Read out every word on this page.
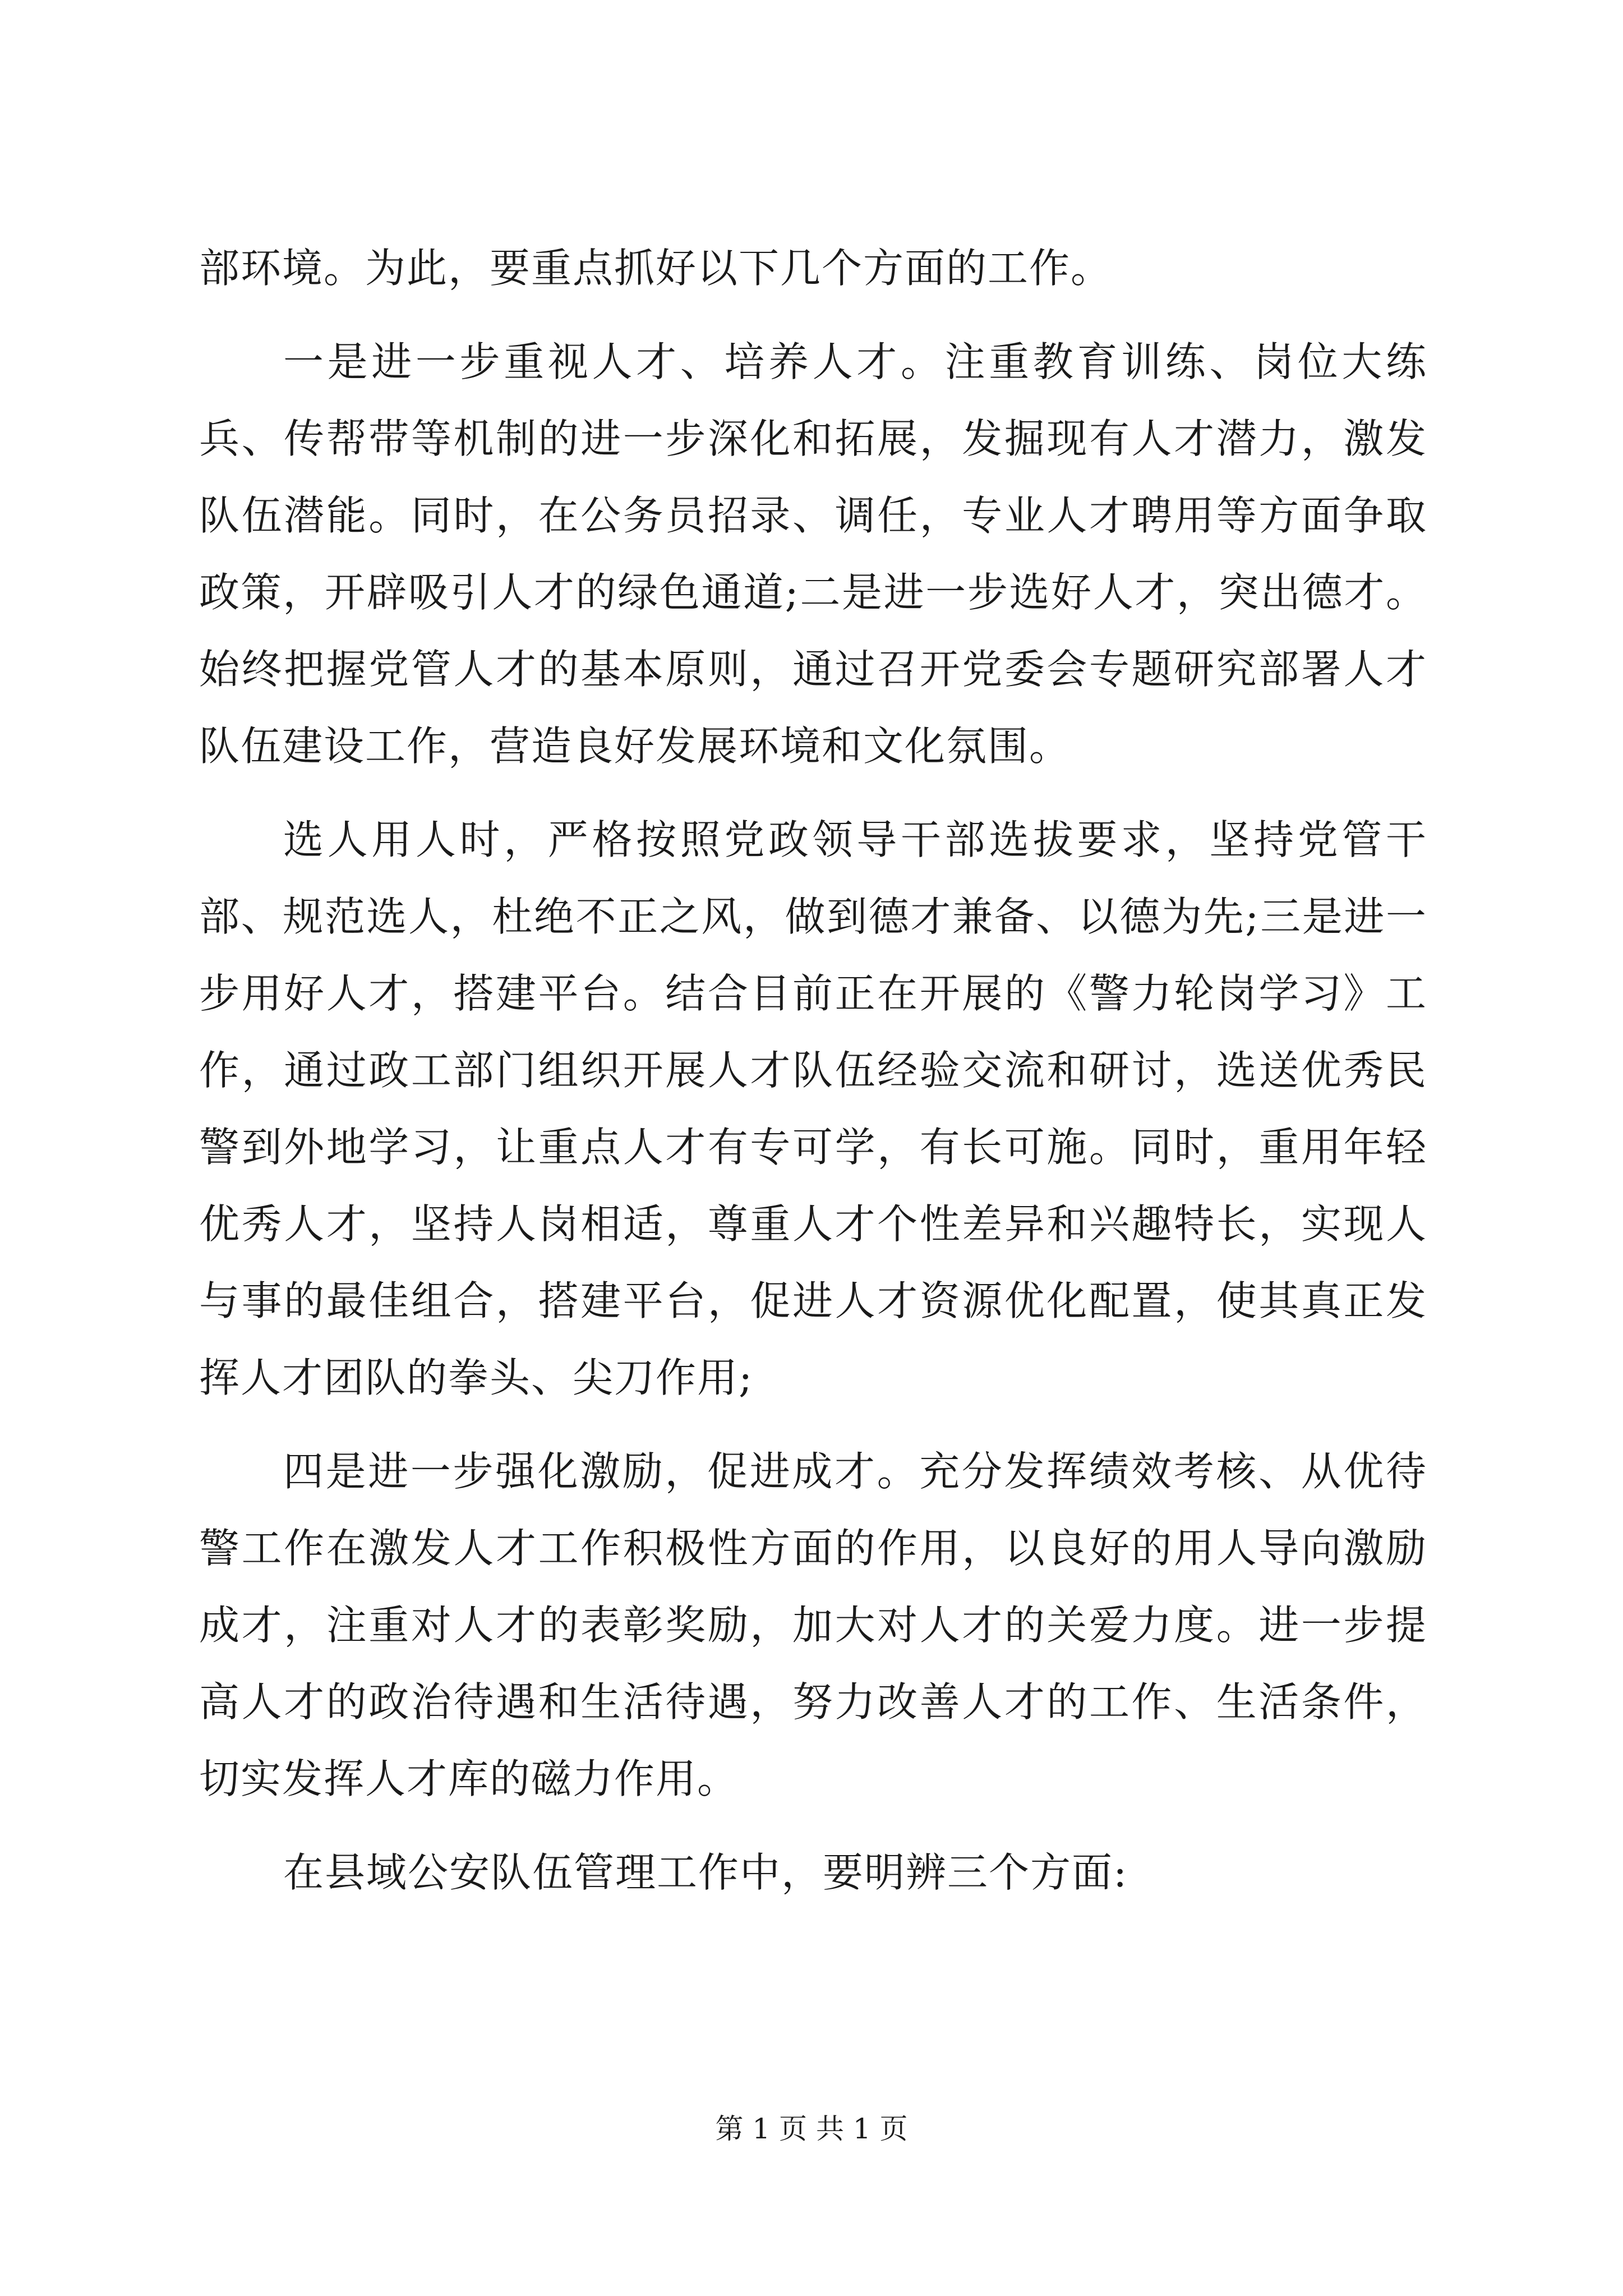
部环境。为此，要重点抓好以下几个方面的工作。

一是进一步重视人才、培养人才。注重教育训练、岗位大练兵、传帮带等机制的进一步深化和拓展，发掘现有人才潜力，激发队伍潜能。同时，在公务员招录、调任，专业人才聘用等方面争取政策，开辟吸引人才的绿色通道;二是进一步选好人才，突出德才。始终把握党管人才的基本原则，通过召开党委会专题研究部署人才队伍建设工作，营造良好发展环境和文化氛围。

选人用人时，严格按照党政领导干部选拔要求，坚持党管干部、规范选人，杜绝不正之风，做到德才兼备、以德为先;三是进一步用好人才，搭建平台。结合目前正在开展的《警力轮岗学习》工作，通过政工部门组织开展人才队伍经验交流和研讨，选送优秀民警到外地学习，让重点人才有专可学，有长可施。同时，重用年轻优秀人才，坚持人岗相适，尊重人才个性差异和兴趣特长，实现人与事的最佳组合，搭建平台，促进人才资源优化配置，使其真正发挥人才团队的拳头、尖刀作用;

四是进一步强化激励，促进成才。充分发挥绩效考核、从优待警工作在激发人才工作积极性方面的作用，以良好的用人导向激励成才，注重对人才的表彰奖励，加大对人才的关爱力度。进一步提高人才的政治待遇和生活待遇，努力改善人才的工作、生活条件，切实发挥人才库的磁力作用。

在县域公安队伍管理工作中，要明辨三个方面:

第 1 页 共 1 页
